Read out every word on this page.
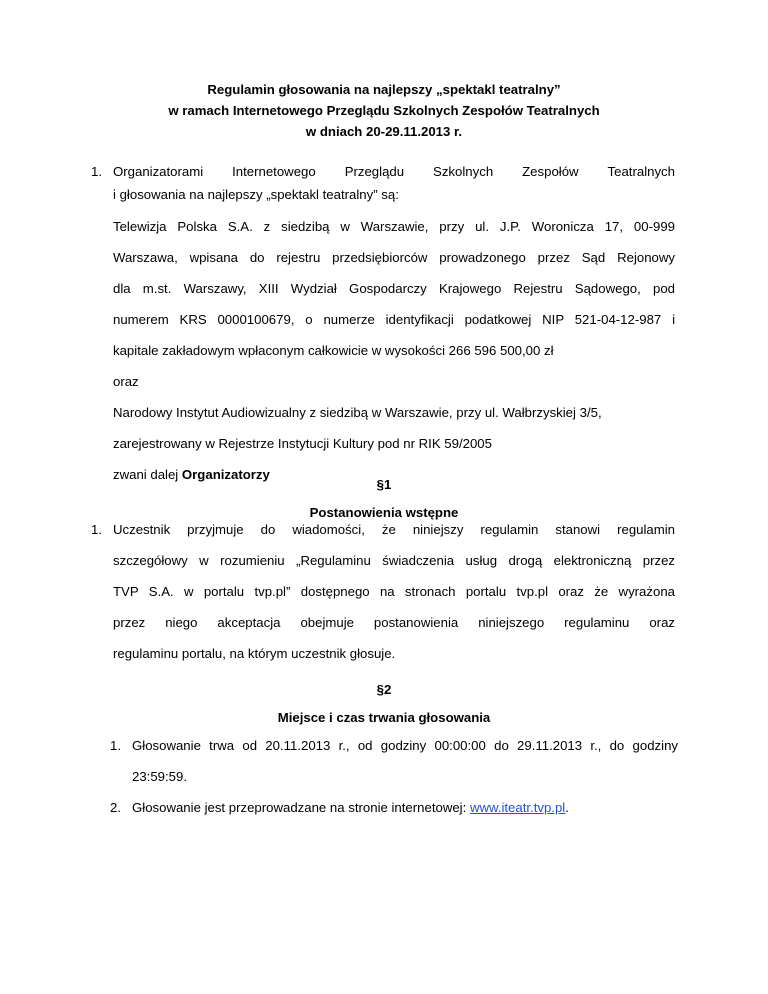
Regulamin głosowania na najlepszy „spektakl teatralny”
w ramach Internetowego Przeglądu Szkolnych Zespołów Teatralnych
w dniach 20-29.11.2013 r.
1. Organizatorami Internetowego Przeglądu Szkolnych Zespołów Teatralnych

i głosowania na najlepszy „spektakl teatralny” są:

Telewizja Polska S.A. z siedzibą w Warszawie, przy ul. J.P. Woronicza 17, 00-999

Warszawa, wpisana do rejestru przedsiębiorców prowadzonego przez Sąd Rejonowy

dla m.st. Warszawy, XIII Wydział Gospodarczy Krajowego Rejestru Sądowego, pod

numerem KRS 0000100679, o numerze identyfikacji podatkowej NIP 521-04-12-987 i

kapitale zakładowym wpłaconym całkowicie w wysokości 266 596 500,00 zł

oraz

Narodowy Instytut Audiowizualny z siedzibą w Warszawie, przy ul. Wałbrzyskiej 3/5,

zarejestrowany w Rejestrze Instytucji Kultury pod nr RIK 59/2005

zwani dalej Organizatorzy

§1
Postanowienia wstępne
1. Uczestnik przyjmuje do wiadomości, że niniejszy regulamin stanowi regulamin

szczegółowy w rozumieniu „Regulaminu świadczenia usług drogą elektroniczną przez

TVP S.A. w portalu tvp.pl” dostępnego na stronach portalu tvp.pl oraz że wyrażona

przez niego akceptacja obejmuje postanowienia niniejszego regulaminu oraz

regulaminu portalu, na którym uczestnik głosuje.

§2
Miejsce i czas trwania głosowania
1. Głosowanie trwa od 20.11.2013 r., od godziny 00:00:00 do 29.11.2013 r., do godziny

23:59:59.

2. Głosowanie jest przeprowadzane na stronie internetowej: www.iteatr.tvp.pl.
